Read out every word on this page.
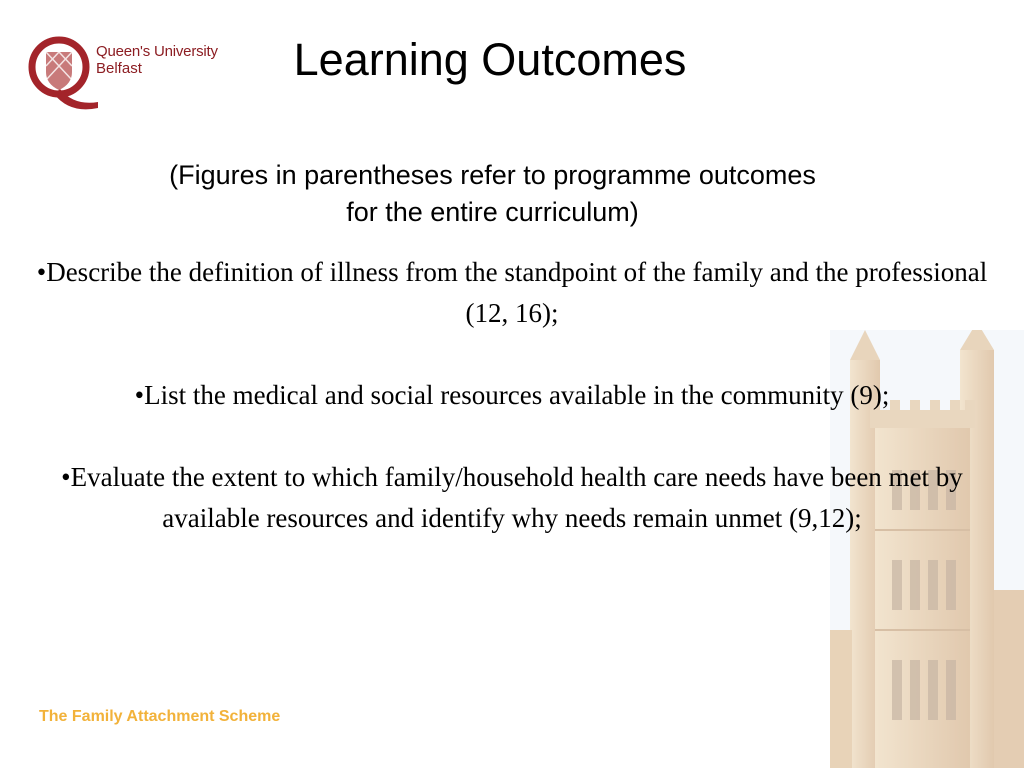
Queen's University
Belfast	Learning Outcomes
(Figures in parentheses refer to programme outcomes
for the entire curriculum)

•Describe the definition of illness from the standpoint of the family and the professional (12, 16);

•List the medical and social resources available in the community (9);

•Evaluate the extent to which family/household health care needs have been met by available resources and identify why needs remain unmet (9,12);

The Family Attachment Scheme
